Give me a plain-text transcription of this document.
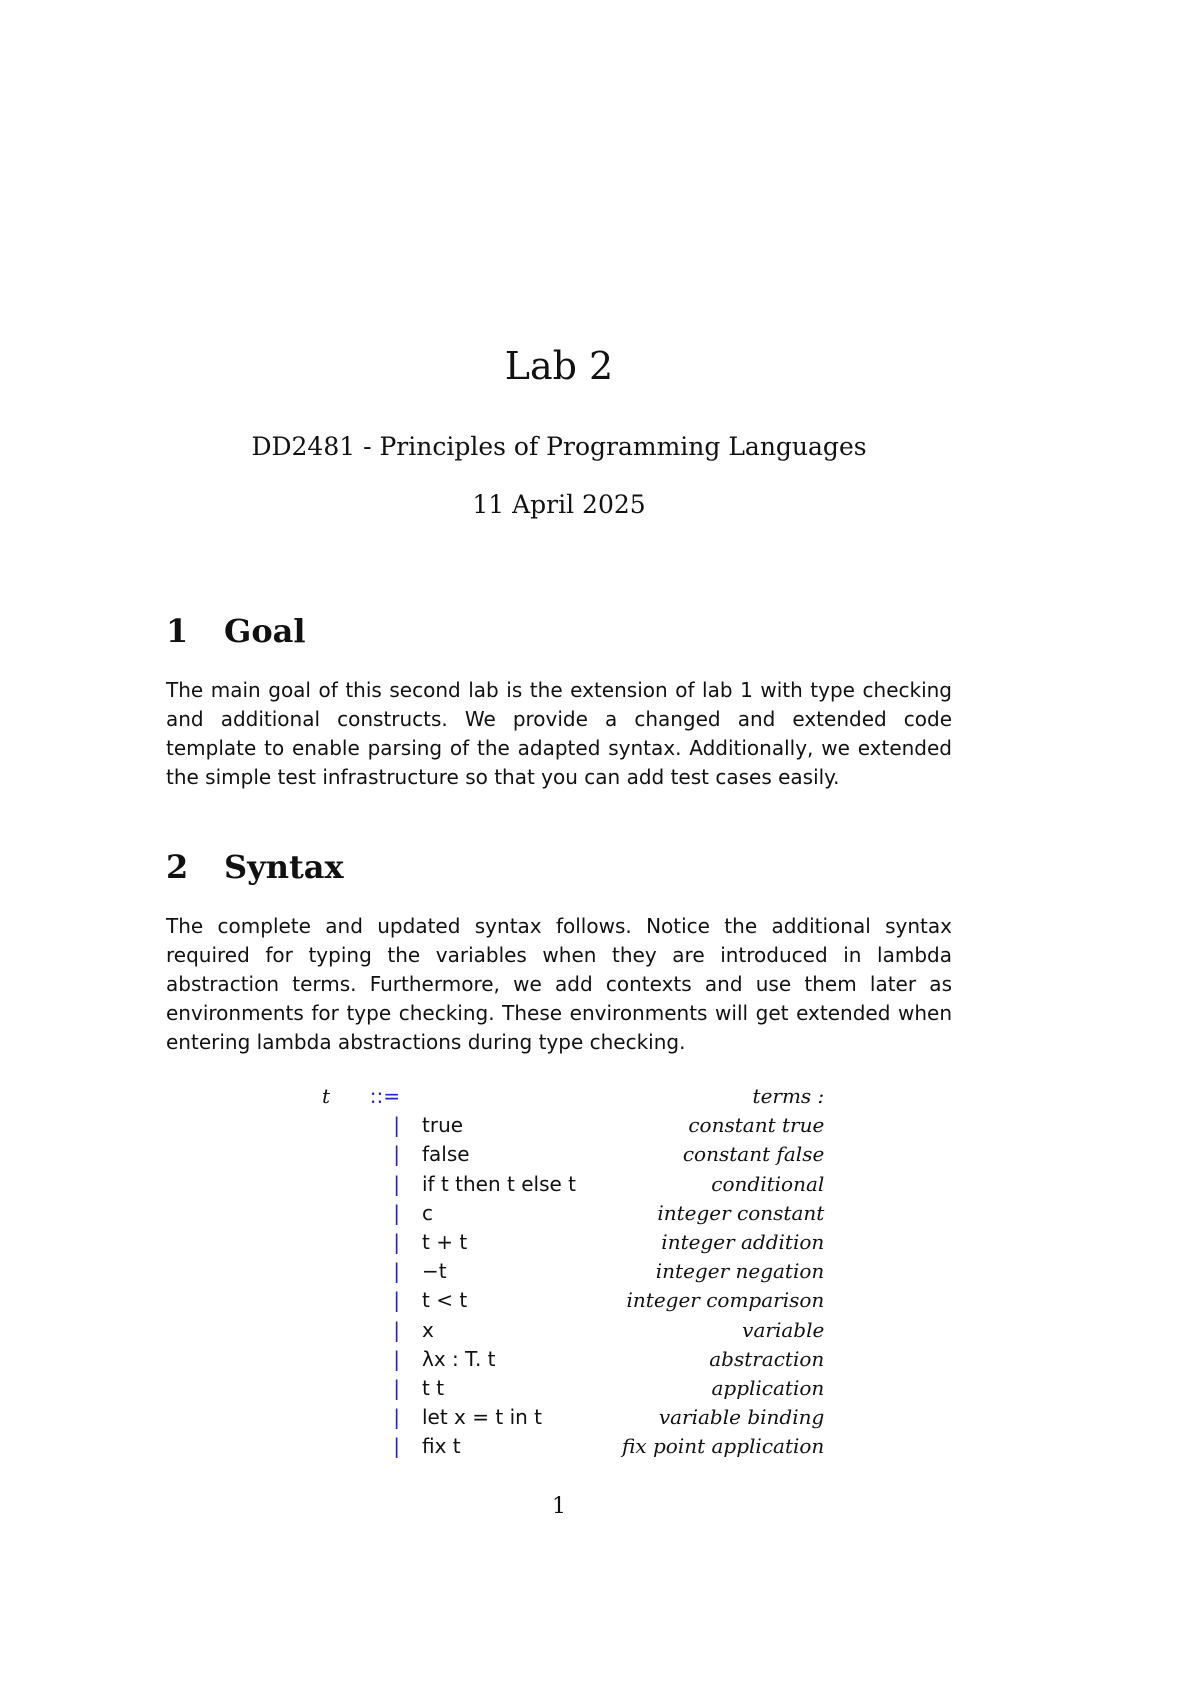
Lab 2

DD2481 - Principles of Programming Languages

11 April 2025

1 Goal

The main goal of this second lab is the extension of lab 1 with type checking and additional constructs. We provide a changed and extended code template to enable parsing of the adapted syntax. Additionally, we extended the simple test infrastructure so that you can add test cases easily.

2 Syntax

The complete and updated syntax follows. Notice the additional syntax required for typing the variables when they are introduced in lambda abstraction terms. Furthermore, we add contexts and use them later as environments for type checking. These environments will get extended when entering lambda abstractions during type checking.

t	::=		terms :
	|	true	constant true
	|	false	constant false
	|	if t then t else t	conditional
	|	c	integer constant
	|	t + t	integer addition
	|	−t	integer negation
	|	t < t	integer comparison
	|	x	variable
	|	λx : T. t	abstraction
	|	t t	application
	|	let x = t in t	variable binding
	|	fix t	fix point application
1
